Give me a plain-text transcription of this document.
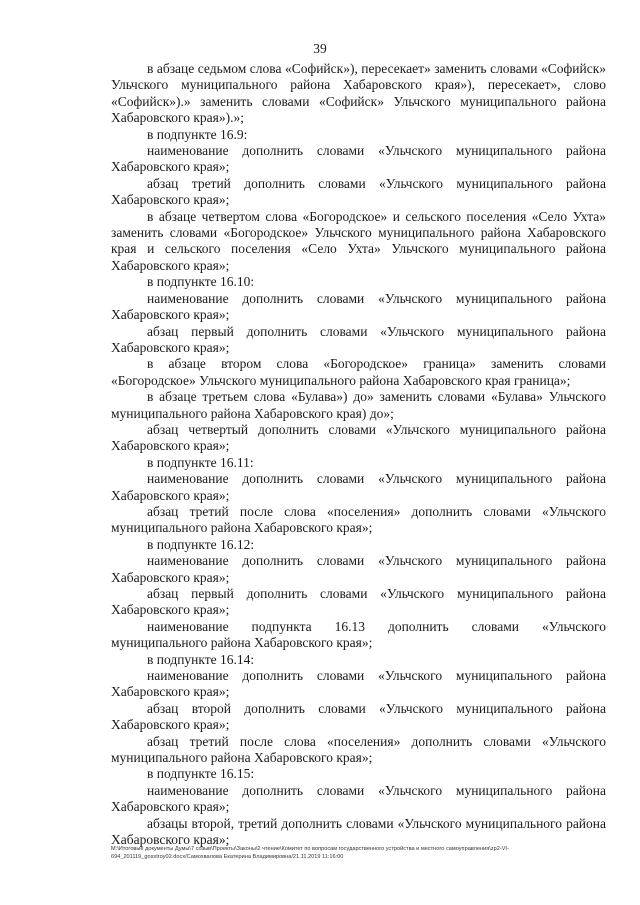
39

в абзаце седьмом слова «Софийск»), пересекает» заменить словами «Софийск» Ульчского муниципального района Хабаровского края»), пересекает», слово «Софийск»).» заменить словами «Софийск» Ульчского муниципального района Хабаровского края»).»;

в подпункте 16.9:

наименование дополнить словами «Ульчского муниципального района Хабаровского края»;

абзац третий дополнить словами «Ульчского муниципального района Хабаровского края»;

в абзаце четвертом слова «Богородское» и сельского поселения «Село Ухта» заменить словами «Богородское» Ульчского муниципального района Хабаровского края и сельского поселения «Село Ухта» Ульчского муниципального района Хабаровского края»;

в подпункте 16.10:

наименование дополнить словами «Ульчского муниципального района Хабаровского края»;

абзац первый дополнить словами «Ульчского муниципального района Хабаровского края»;

в абзаце втором слова «Богородское» граница» заменить словами «Богородское» Ульчского муниципального района Хабаровского края граница»;

в абзаце третьем слова «Булава») до» заменить словами «Булава» Ульчского муниципального района Хабаровского края) до»;

абзац четвертый дополнить словами «Ульчского муниципального района Хабаровского края»;

в подпункте 16.11:

наименование дополнить словами «Ульчского муниципального района Хабаровского края»;

абзац третий после слова «поселения» дополнить словами «Ульчского муниципального района Хабаровского края»;

в подпункте 16.12:

наименование дополнить словами «Ульчского муниципального района Хабаровского края»;

абзац первый дополнить словами «Ульчского муниципального района Хабаровского края»;

наименование подпункта 16.13 дополнить словами «Ульчского муниципального района Хабаровского края»;

в подпункте 16.14:

наименование дополнить словами «Ульчского муниципального района Хабаровского края»;

абзац второй дополнить словами «Ульчского муниципального района Хабаровского края»;

абзац третий после слова «поселения» дополнить словами «Ульчского муниципального района Хабаровского края»;

в подпункте 16.15:

наименование дополнить словами «Ульчского муниципального района Хабаровского края»;

абзацы второй, третий дополнить словами «Ульчского муниципального района Хабаровского края»;

M:\Итоговые документы Думы\7 созыв\Проекты\Законы\2 чтение\Комитет по вопросам государственного устройства и местного самоуправления\zp2-VI-
694_201119_gosstroy02.docx/Самохвалова Екатерина Владимировна/21.11.2019 11:16:00
